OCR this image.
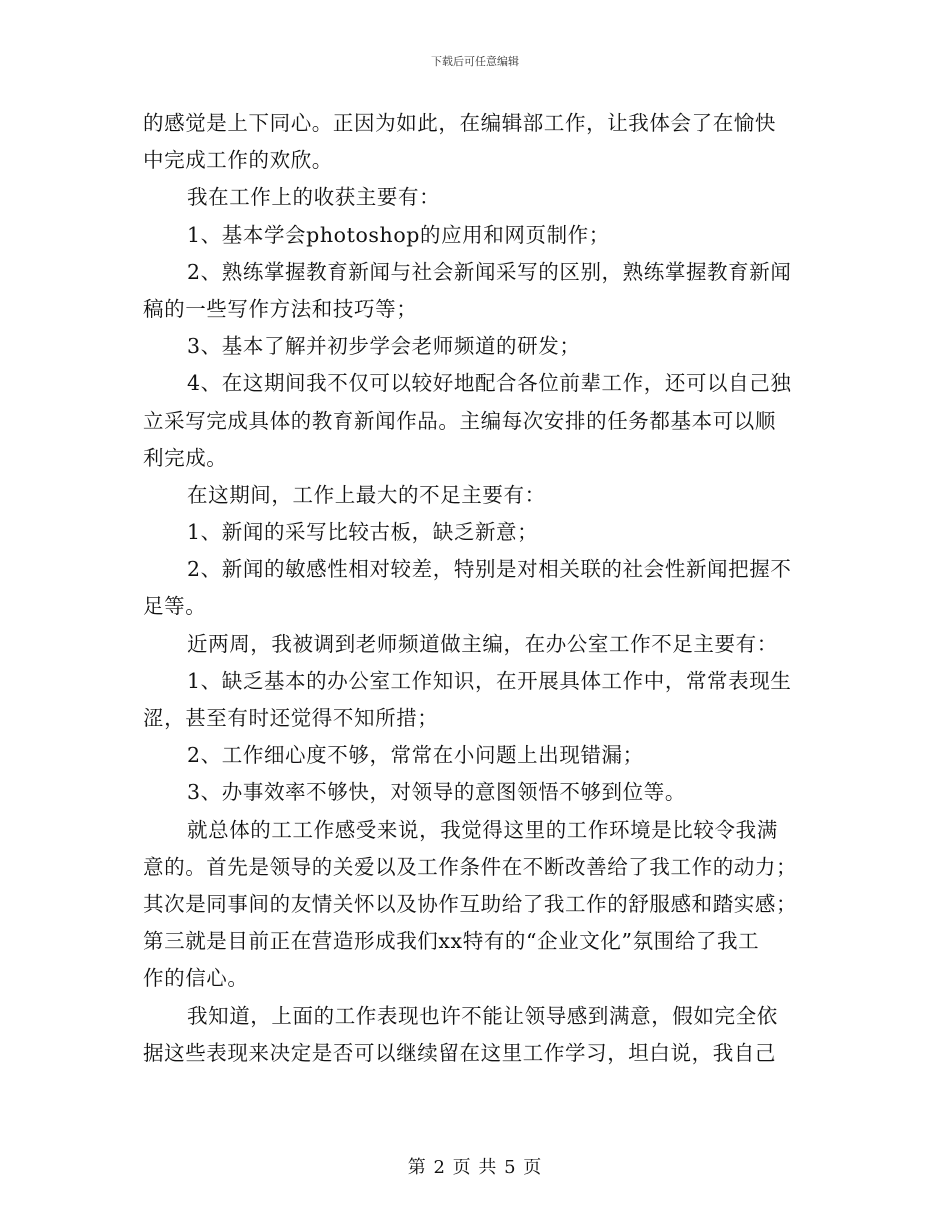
下载后可任意编辑
的感觉是上下同心。正因为如此，在编辑部工作，让我体会了在愉快
中完成工作的欢欣。
我在工作上的收获主要有：
1、基本学会photoshop的应用和网页制作；
2、熟练掌握教育新闻与社会新闻采写的区别，熟练掌握教育新闻
稿的一些写作方法和技巧等；
3、基本了解并初步学会老师频道的研发；
4、在这期间我不仅可以较好地配合各位前辈工作，还可以自己独
立采写完成具体的教育新闻作品。主编每次安排的任务都基本可以顺
利完成。
在这期间，工作上最大的不足主要有：
1、新闻的采写比较古板，缺乏新意；
2、新闻的敏感性相对较差，特别是对相关联的社会性新闻把握不
足等。
近两周，我被调到老师频道做主编，在办公室工作不足主要有：
1、缺乏基本的办公室工作知识，在开展具体工作中，常常表现生
涩，甚至有时还觉得不知所措；
2、工作细心度不够，常常在小问题上出现错漏；
3、办事效率不够快，对领导的意图领悟不够到位等。
就总体的工工作感受来说，我觉得这里的工作环境是比较令我满
意的。首先是领导的关爱以及工作条件在不断改善给了我工作的动力；
其次是同事间的友情关怀以及协作互助给了我工作的舒服感和踏实感；
第三就是目前正在营造形成我们xx特有的“企业文化”氛围给了我工
作的信心。
我知道，上面的工作表现也许不能让领导感到满意，假如完全依
据这些表现来决定是否可以继续留在这里工作学习，坦白说，我自己
第 2 页 共 5 页
